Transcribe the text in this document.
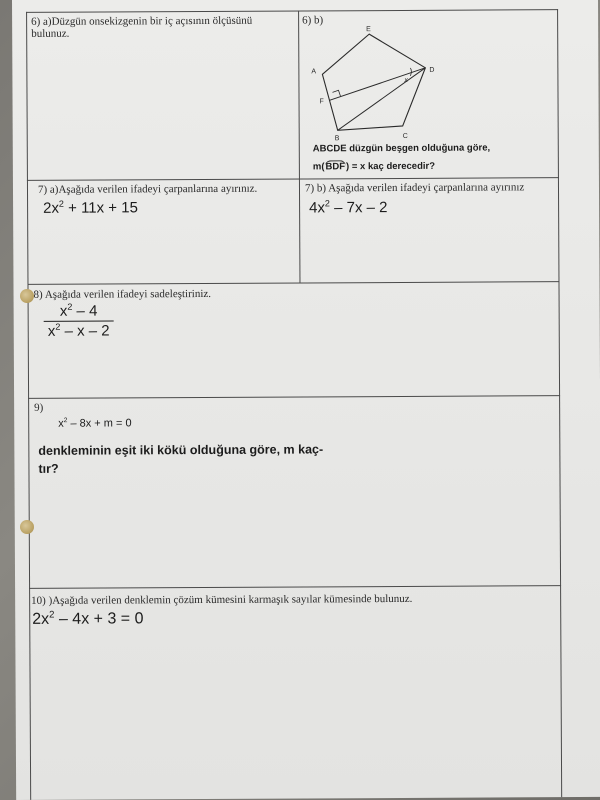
6) a)Düzgün onsekizgenin bir iç açısının ölçüsünü bulunuz.
6) b)
E
A	D
F
B	C
x
ABCDE düzgün beşgen olduğuna göre,
m(BDF) = x kaç derecedir?
7) a)Aşağıda verilen ifadeyi çarpanlarına ayırınız.
$2x^2 + 11x + 15$
7) b) Aşağıda verilen ifadeyi çarpanlarına ayırınız
$4x^2 - 7x - 2$
8) Aşağıda verilen ifadeyi sadeleştiriniz.
$x^2 - 4$
$x^2$ – x – 2
9)
$x^2 - 8x + m = 0$
denkleminin eşit iki kökü olduğuna göre, m kaç-
tır?
10) )Aşağıda verilen denklemin çözüm kümesini karmaşık sayılar kümesinde bulunuz.
$2x^2 - 4x + 3 = 0$
